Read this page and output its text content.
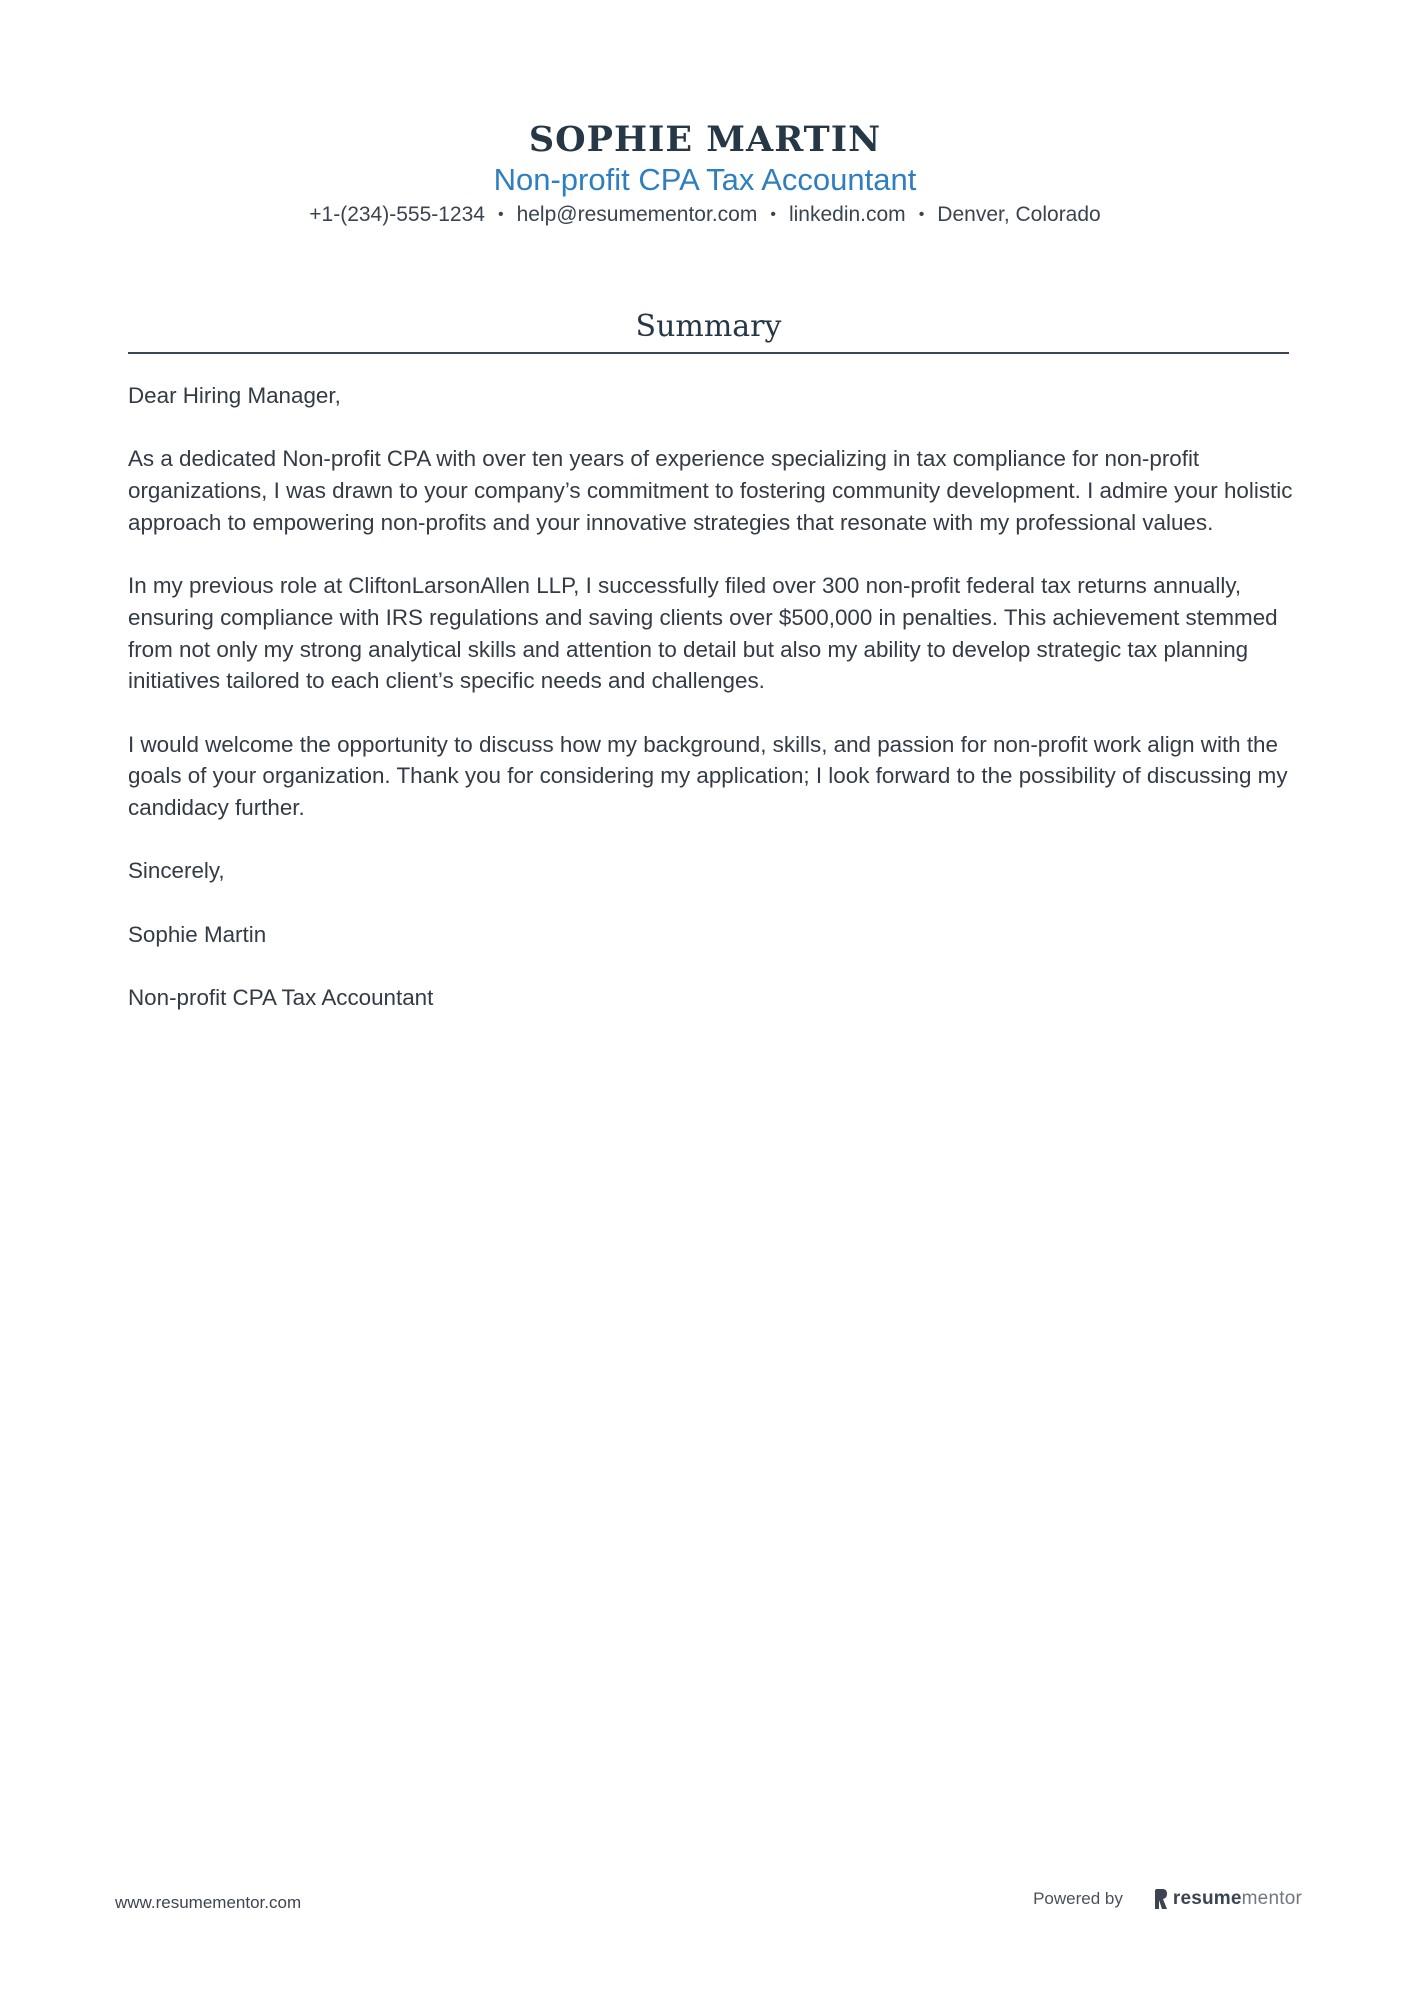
SOPHIE MARTIN
Non-profit CPA Tax Accountant
+1-(234)-555-1234 • help@resumementor.com • linkedin.com • Denver, Colorado
Summary

Dear Hiring Manager,

As a dedicated Non-profit CPA with over ten years of experience specializing in tax compliance for non-profit organizations, I was drawn to your company’s commitment to fostering community development. I admire your holistic approach to empowering non-profits and your innovative strategies that resonate with my professional values.

In my previous role at CliftonLarsonAllen LLP, I successfully filed over 300 non-profit federal tax returns annually, ensuring compliance with IRS regulations and saving clients over $500,000 in penalties. This achievement stemmed from not only my strong analytical skills and attention to detail but also my ability to develop strategic tax planning initiatives tailored to each client’s specific needs and challenges.

I would welcome the opportunity to discuss how my background, skills, and passion for non-profit work align with the goals of your organization. Thank you for considering my application; I look forward to the possibility of discussing my candidacy further.

Sincerely,

Sophie Martin

Non-profit CPA Tax Accountant

www.resumementor.com	Powered by	resumementor
